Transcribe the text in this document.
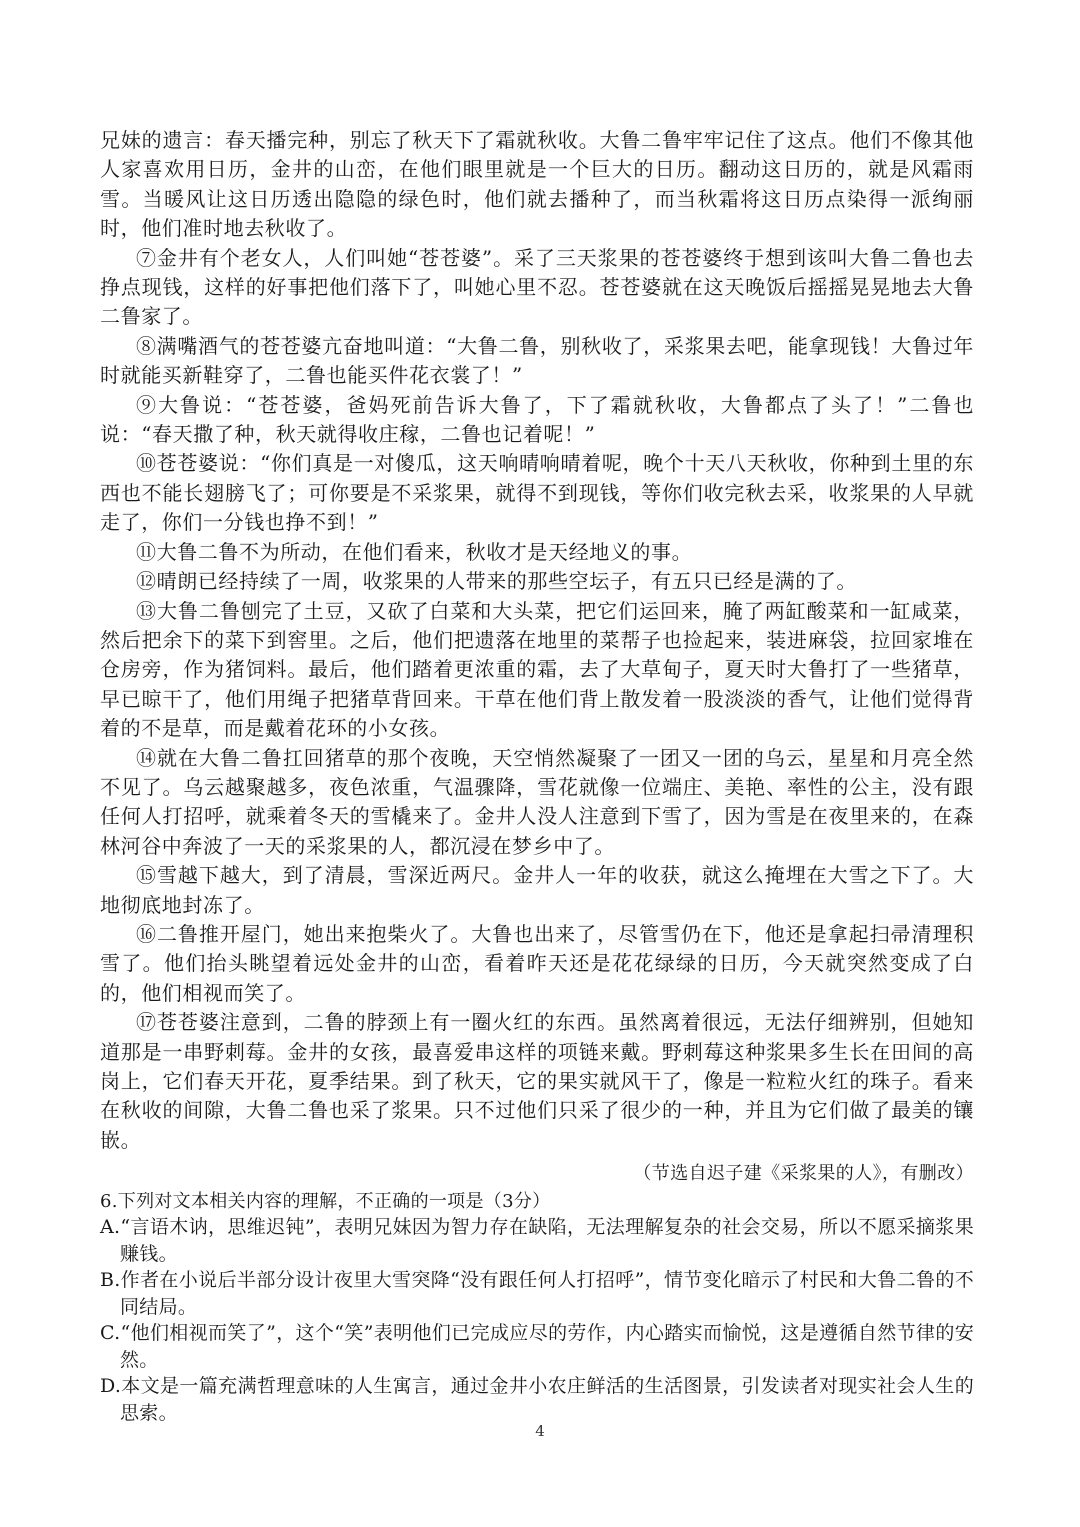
兄妹的遗言：春天播完种，别忘了秋天下了霜就秋收。大鲁二鲁牢牢记住了这点。他们不像其他人家喜欢用日历，金井的山峦，在他们眼里就是一个巨大的日历。翻动这日历的，就是风霜雨雪。当暖风让这日历透出隐隐的绿色时，他们就去播种了，而当秋霜将这日历点染得一派绚丽时，他们准时地去秋收了。

⑦金井有个老女人，人们叫她“苍苍婆”。采了三天浆果的苍苍婆终于想到该叫大鲁二鲁也去挣点现钱，这样的好事把他们落下了，叫她心里不忍。苍苍婆就在这天晚饭后摇摇晃晃地去大鲁二鲁家了。

⑧满嘴酒气的苍苍婆亢奋地叫道：“大鲁二鲁，别秋收了，采浆果去吧，能拿现钱！大鲁过年时就能买新鞋穿了，二鲁也能买件花衣裳了！”

⑨大鲁说：“苍苍婆，爸妈死前告诉大鲁了，下了霜就秋收，大鲁都点了头了！”二鲁也说：“春天撒了种，秋天就得收庄稼，二鲁也记着呢！”

⑩苍苍婆说：“你们真是一对傻瓜，这天响晴响晴着呢，晚个十天八天秋收，你种到土里的东西也不能长翅膀飞了；可你要是不采浆果，就得不到现钱，等你们收完秋去采，收浆果的人早就走了，你们一分钱也挣不到！”

⑪大鲁二鲁不为所动，在他们看来，秋收才是天经地义的事。

⑫晴朗已经持续了一周，收浆果的人带来的那些空坛子，有五只已经是满的了。

⑬大鲁二鲁刨完了土豆，又砍了白菜和大头菜，把它们运回来，腌了两缸酸菜和一缸咸菜，然后把余下的菜下到窖里。之后，他们把遗落在地里的菜帮子也捡起来，装进麻袋，拉回家堆在仓房旁，作为猪饲料。最后，他们踏着更浓重的霜，去了大草甸子，夏天时大鲁打了一些猪草，早已晾干了，他们用绳子把猪草背回来。干草在他们背上散发着一股淡淡的香气，让他们觉得背着的不是草，而是戴着花环的小女孩。

⑭就在大鲁二鲁扛回猪草的那个夜晚，天空悄然凝聚了一团又一团的乌云，星星和月亮全然不见了。乌云越聚越多，夜色浓重，气温骤降，雪花就像一位端庄、美艳、率性的公主，没有跟任何人打招呼，就乘着冬天的雪橇来了。金井人没人注意到下雪了，因为雪是在夜里来的，在森林河谷中奔波了一天的采浆果的人，都沉浸在梦乡中了。

⑮雪越下越大，到了清晨，雪深近两尺。金井人一年的收获，就这么掩埋在大雪之下了。大地彻底地封冻了。

⑯二鲁推开屋门，她出来抱柴火了。大鲁也出来了，尽管雪仍在下，他还是拿起扫帚清理积雪了。他们抬头眺望着远处金井的山峦，看着昨天还是花花绿绿的日历，今天就突然变成了白的，他们相视而笑了。

⑰苍苍婆注意到，二鲁的脖颈上有一圈火红的东西。虽然离着很远，无法仔细辨别，但她知道那是一串野刺莓。金井的女孩，最喜爱串这样的项链来戴。野刺莓这种浆果多生长在田间的高岗上，它们春天开花，夏季结果。到了秋天，它的果实就风干了，像是一粒粒火红的珠子。看来在秋收的间隙，大鲁二鲁也采了浆果。只不过他们只采了很少的一种，并且为它们做了最美的镶嵌。

（节选自迟子建《采浆果的人》，有删改）

6.下列对文本相关内容的理解，不正确的一项是（3分）

A.“言语木讷，思维迟钝”，表明兄妹因为智力存在缺陷，无法理解复杂的社会交易，所以不愿采摘浆果赚钱。

B.作者在小说后半部分设计夜里大雪突降“没有跟任何人打招呼”，情节变化暗示了村民和大鲁二鲁的不同结局。

C.“他们相视而笑了”，这个“笑”表明他们已完成应尽的劳作，内心踏实而愉悦，这是遵循自然节律的安然。

D.本文是一篇充满哲理意味的人生寓言，通过金井小农庄鲜活的生活图景，引发读者对现实社会人生的思索。

4
